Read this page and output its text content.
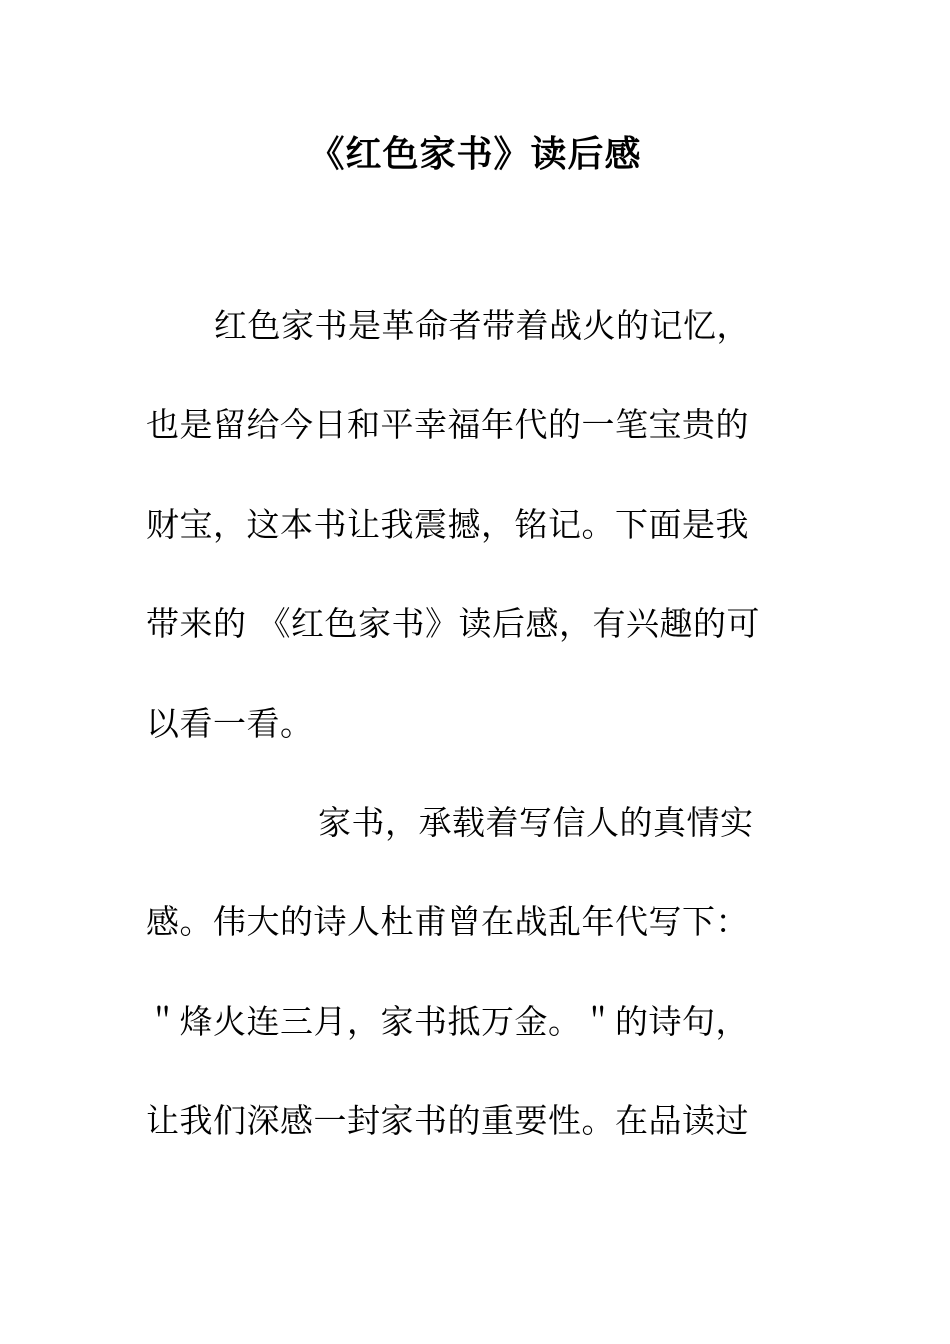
《红色家书》读后感
红色家书是革命者带着战火的记忆，
也是留给今日和平幸福年代的一笔宝贵的
财宝，这本书让我震撼，铭记。下面是我
带来的 《红色家书》读后感，有兴趣的可
以看一看。
家书，承载着写信人的真情实
感。伟大的诗人杜甫曾在战乱年代写下：
＂烽火连三月，家书抵万金。＂的诗句，
让我们深感一封家书的重要性。在品读过
